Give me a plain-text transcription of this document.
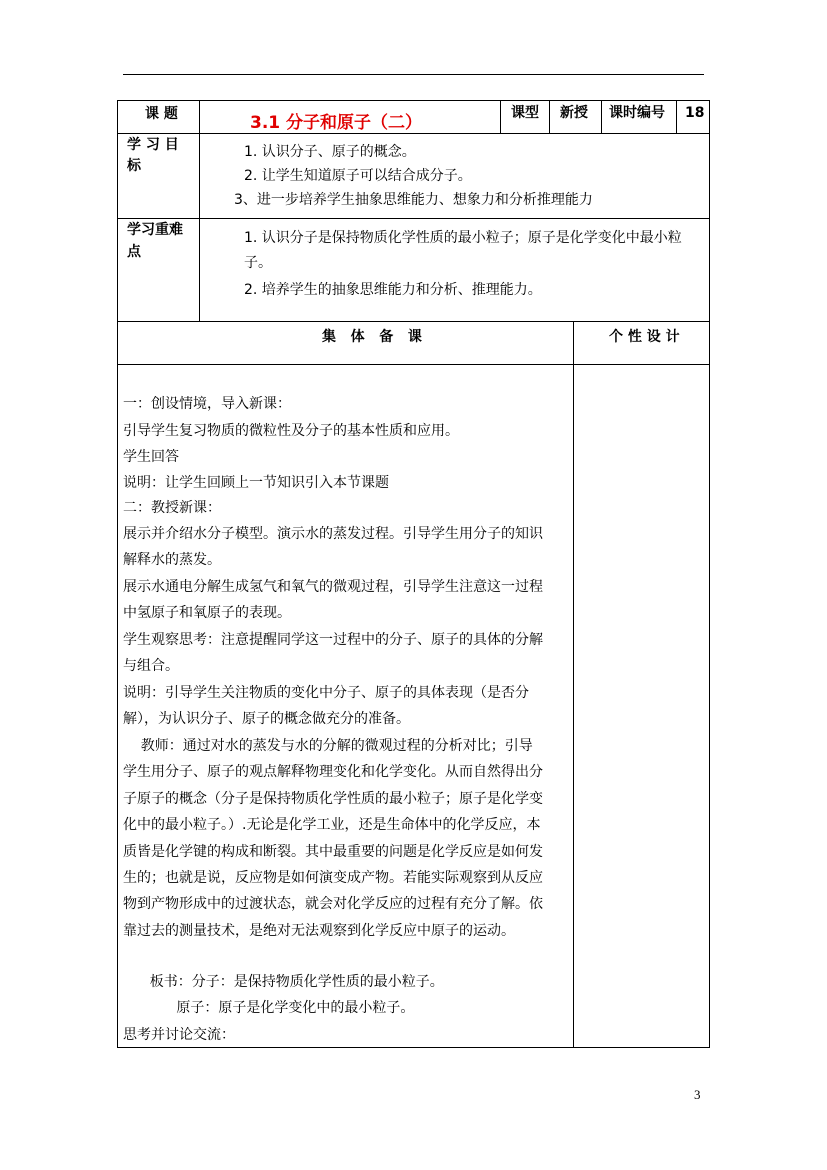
课 题	3.1 分子和原子（二）	课型 新授 课时编号 18
学 习 目
标
1. 认识分子、原子的概念。
2. 让学生知道原子可以结合成分子。
3、进一步培养学生抽象思维能力、想象力和分析推理能力
学习重难
点
1. 认识分子是保持物质化学性质的最小粒子；原子是化学变化中最小粒
子。
2. 培养学生的抽象思维能力和分析、推理能力。
集   体   备   课	个 性 设 计
一：创设情境，导入新课：
引导学生复习物质的微粒性及分子的基本性质和应用。
学生回答
说明：让学生回顾上一节知识引入本节课题
二：教授新课：
展示并介绍水分子模型。演示水的蒸发过程。引导学生用分子的知识
解释水的蒸发。
展示水通电分解生成氢气和氧气的微观过程，引导学生注意这一过程
中氢原子和氧原子的表现。
学生观察思考：注意提醒同学这一过程中的分子、原子的具体的分解
与组合。
说明：引导学生关注物质的变化中分子、原子的具体表现（是否分
解），为认识分子、原子的概念做充分的准备。
教师：通过对水的蒸发与水的分解的微观过程的分析对比；引导
学生用分子、原子的观点解释物理变化和化学变化。从而自然得出分
子原子的概念（分子是保持物质化学性质的最小粒子；原子是化学变
化中的最小粒子。）.无论是化学工业，还是生命体中的化学反应，本
质皆是化学键的构成和断裂。其中最重要的问题是化学反应是如何发
生的；也就是说，反应物是如何演变成产物。若能实际观察到从反应
物到产物形成中的过渡状态，就会对化学反应的过程有充分了解。依
靠过去的测量技术，是绝对无法观察到化学反应中原子的运动。
板书：分子：是保持物质化学性质的最小粒子。
原子：原子是化学变化中的最小粒子。
思考并讨论交流：
3
